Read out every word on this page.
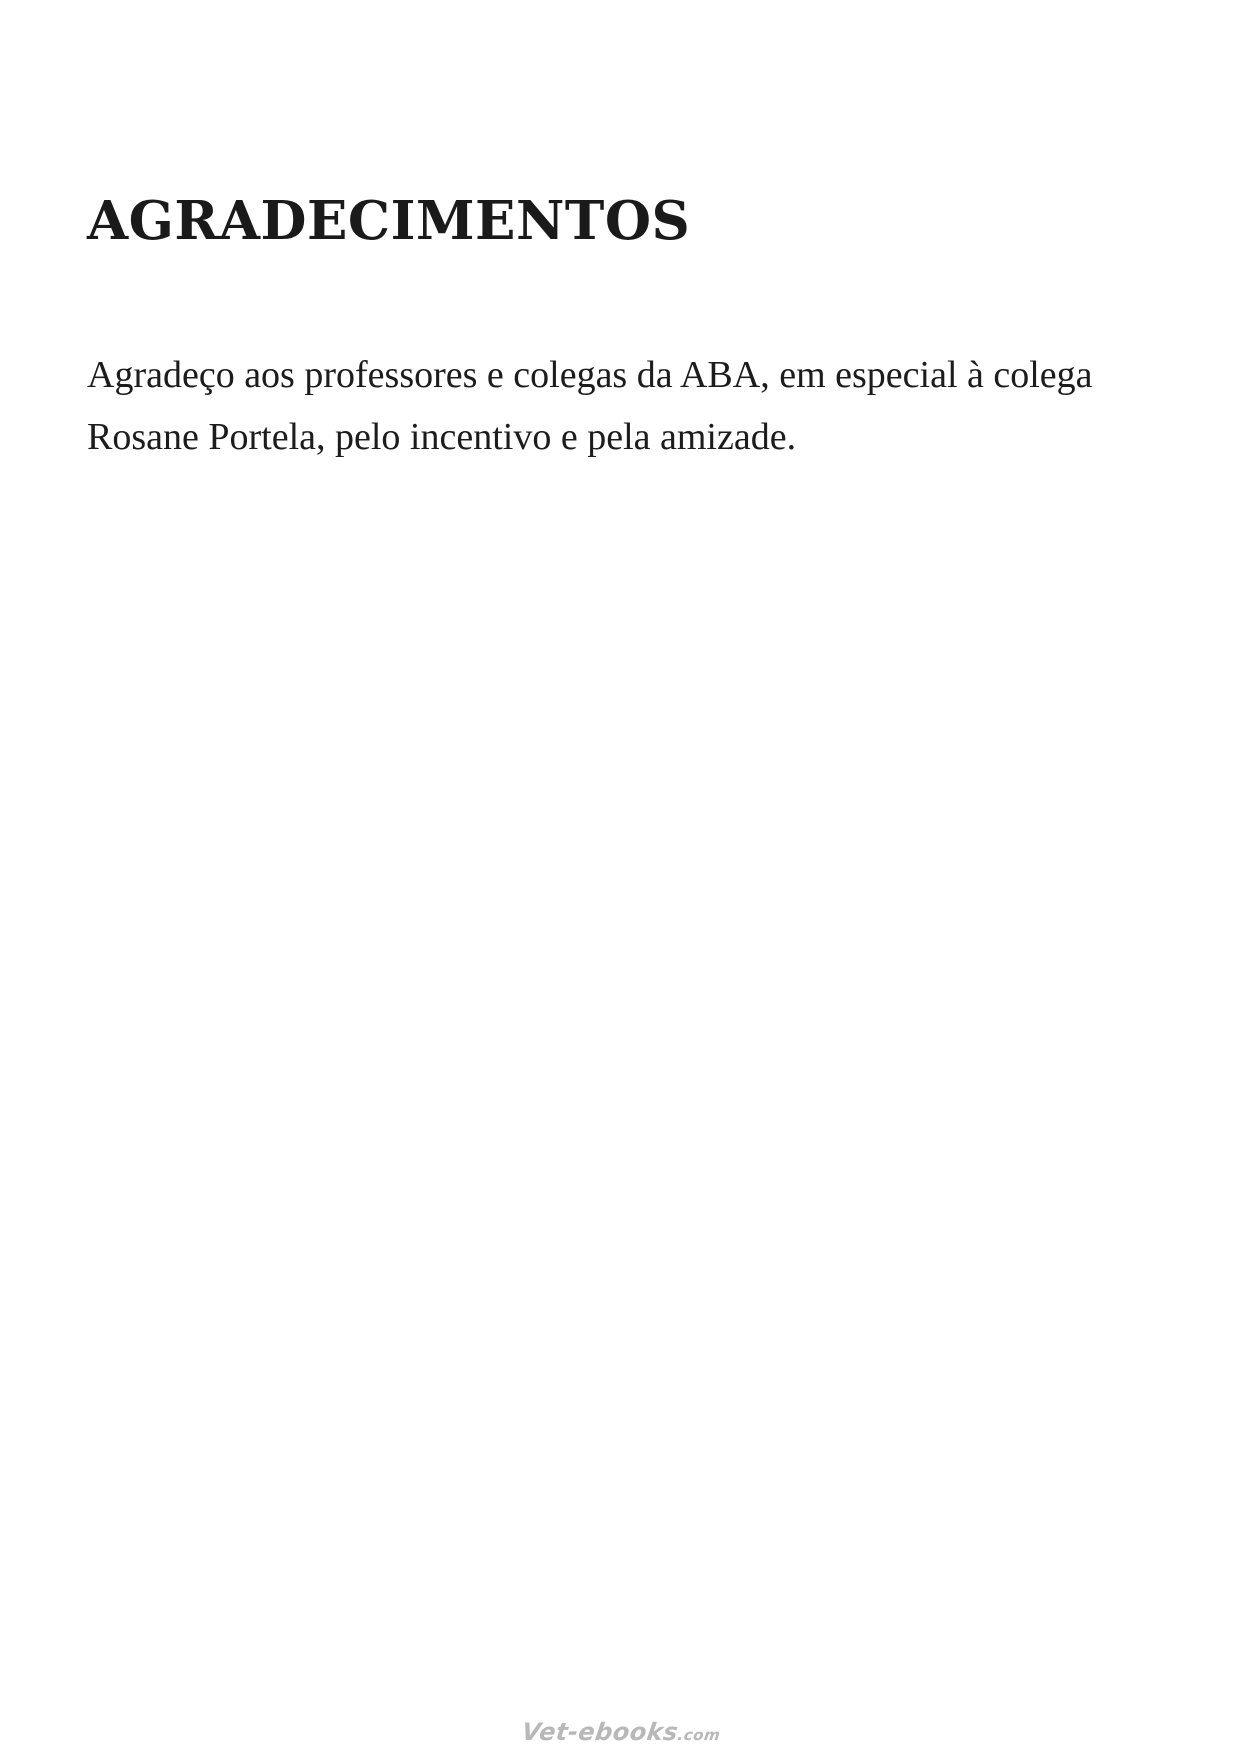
AGRADECIMENTOS

Agradeço aos professores e colegas da ABA, em especial à colega Rosane Portela, pelo incentivo e pela amizade.

Vet-ebooks.com
